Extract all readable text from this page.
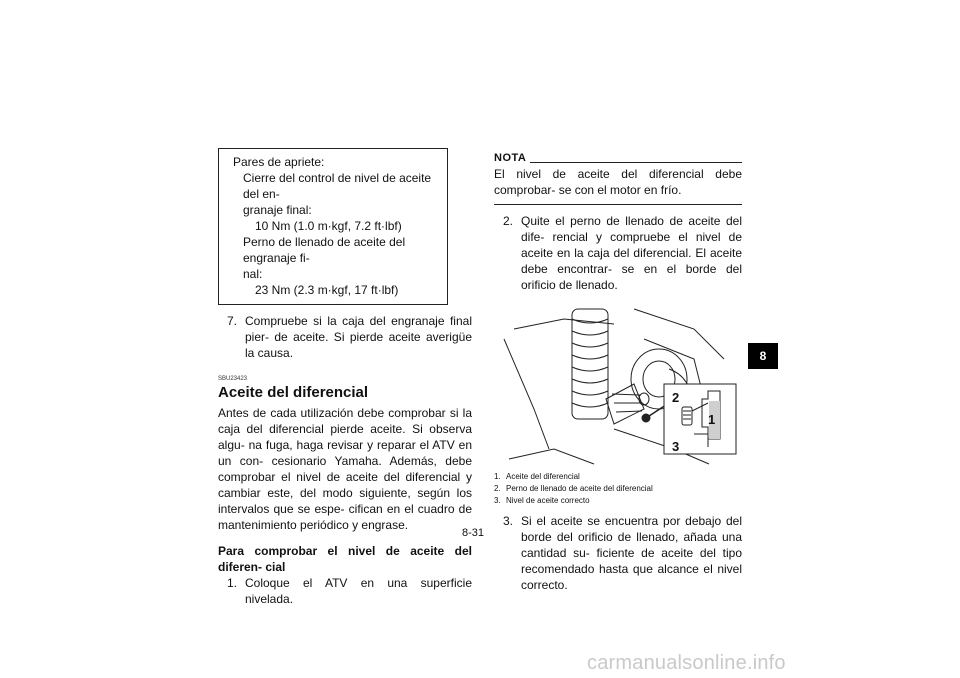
Pares de apriete:
Cierre del control de nivel de aceite del en-
granaje final:
10 Nm (1.0 m·kgf, 7.2 ft·lbf)
Perno de llenado de aceite del engranaje fi-
nal:
23 Nm (2.3 m·kgf, 17 ft·lbf)
7. Compruebe si la caja del engranaje final pier- de aceite. Si pierde aceite averigüe la causa.
SBU23423
Aceite del diferencial
Antes de cada utilización debe comprobar si la caja del diferencial pierde aceite. Si observa algu- na fuga, haga revisar y reparar el ATV en un con- cesionario Yamaha. Además, debe comprobar el nivel de aceite del diferencial y cambiar este, del modo siguiente, según los intervalos que se espe- cifican en el cuadro de mantenimiento periódico y engrase.
Para comprobar el nivel de aceite del diferen- cial
1. Coloque el ATV en una superficie nivelada.
NOTA
El nivel de aceite del diferencial debe comprobar- se con el motor en frío.
2. Quite el perno de llenado de aceite del dife- rencial y compruebe el nivel de aceite en la caja del diferencial. El aceite debe encontrar- se en el borde del orificio de llenado.
2
1
3
1. Aceite del diferencial
2. Perno de llenado de aceite del diferencial
3. Nivel de aceite correcto
3. Si el aceite se encuentra por debajo del borde del orificio de llenado, añada una cantidad su- ficiente de aceite del tipo recomendado hasta que alcance el nivel correcto.
8
8-31
carmanualsonline.info
